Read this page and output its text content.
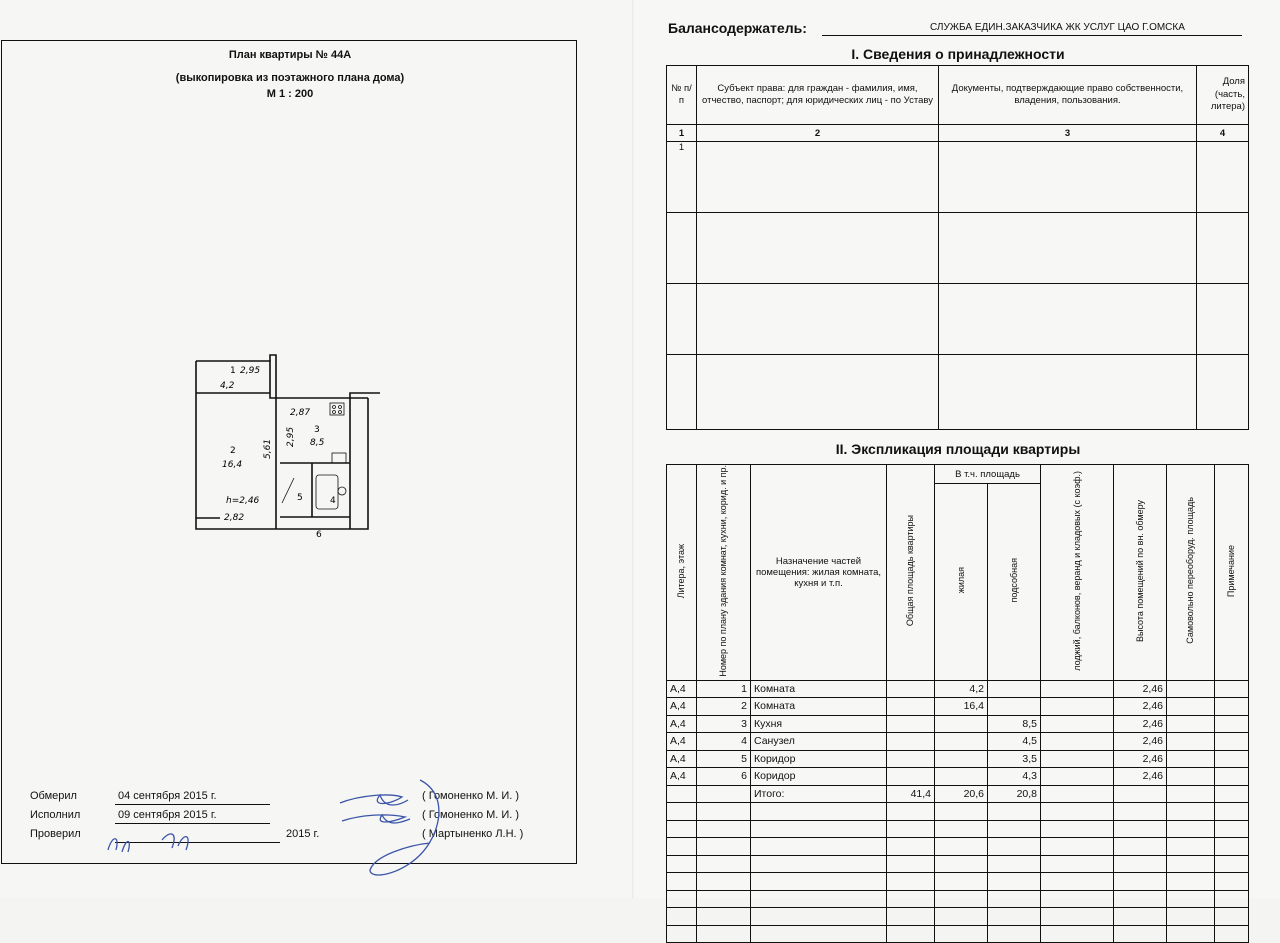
План квартиры № 44А
(выкопировка из поэтажного плана дома)
М 1 : 200
1 2,95
4,2
2
16,4
2,82
h=2,46
5,61
2,87
2,95 3
8,5
4
5
6
Обмерил	04 сентября 2015 г.	( Гомоненко М. И. )
Исполнил	09 сентября 2015 г.	( Гомоненко М. И. )
Проверил	2015 г.	( Мартыненко Л.Н. )
Балансодержатель:	СЛУЖБА ЕДИН.ЗАКАЗЧИКА ЖК УСЛУГ ЦАО Г.ОМСКА
I. Сведения о принадлежности
№ п/п	Субъект права: для граждан - фамилия, имя, отчество, паспорт; для юридических лиц - по Уставу	Документы, подтверждающие право собственности, владения, пользования.	Доля (часть, литера)
1	2	3	4
1			

II. Экспликация площади квартиры
Литера, этаж	Номер по плану здания комнат, кухни, корид. и пр.	Назначение частей помещения: жилая комната, кухня и т.п.	Общая площадь квартиры	В т.ч. площадь		лоджий, балконов, веранд и кладовых (с коэф.)	Высота помещений по вн. обмеру	Самовольно переоборуд. площадь	Примечание
				жилая	подсобная				
А,4	1	Комната		4,2			2,46		
А,4	2	Комната		16,4			2,46		
А,4	3	Кухня			8,5		2,46		
А,4	4	Санузел			4,5		2,46		
А,4	5	Коридор			3,5		2,46		
А,4	6	Коридор			4,3		2,46		
		Итого:	41,4	20,6	20,8				
